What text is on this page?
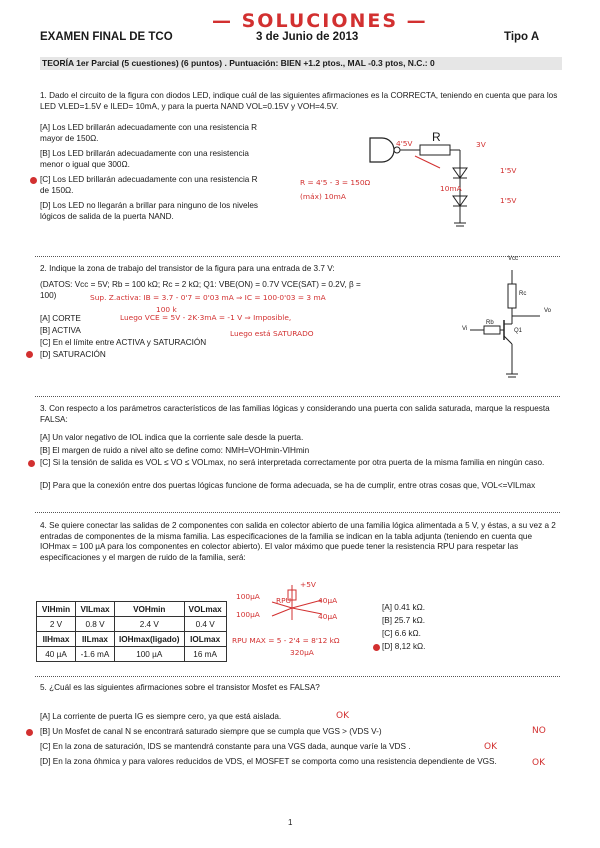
EXAMEN FINAL DE TCO
— SOLUCIONES —
3 de Junio de 2013	Tipo A
TEORÍA 1er Parcial (5 cuestiones) (6 puntos) . Puntuación: BIEN +1.2 ptos., MAL -0.3 ptos, N.C.: 0
1. Dado el circuito de la figura con diodos LED, indique cuál de las siguientes afirmaciones es la CORRECTA, teniendo en cuenta que para los LED VLED=1.5V e ILED= 10mA, y para la puerta NAND VOL=0.15V y VOH=4.5V.
[A] Los LED brillarán adecuadamente con una resistencia R mayor de 150Ω.
[B] Los LED brillarán adecuadamente con una resistencia menor o igual que 300Ω.
[C] Los LED brillarán adecuadamente con una resistencia R de 150Ω.
[D] Los LED no llegarán a brillar para ninguno de los niveles lógicos de salida de la puerta NAND.
4'5V R
3V
1'5V
1'5V
10mA
R = 4'5 - 3 = 150Ω
(máx) 10mA
2. Indique la zona de trabajo del transistor de la figura para una entrada de 3.7 V:
(DATOS: Vcc = 5V; Rb = 100 kΩ; Rc = 2 kΩ; Q1: VBE(ON) = 0.7V VCE(SAT) = 0.2V, β = 100)	Sup. Z.activa: IB = 3.7 - 0'7 = 0'03 mA ⇒ IC = 100·0'03 = 3 mA
100 k
Luego VCE = 5V - 2K·3mA = -1 V ⇒ Imposible,
Luego está SATURADO
[A] CORTE
[B] ACTIVA
[C] En el límite entre ACTIVA y SATURACIÓN
[D] SATURACIÓN
Vcc
Rc
Rb
Q1
Vi
Vo
3. Con respecto a los parámetros característicos de las familias lógicas y considerando una puerta con salida saturada, marque la respuesta FALSA:
[A] Un valor negativo de IOL indica que la corriente sale desde la puerta.
[B] El margen de ruido a nivel alto se define como: NMH=VOHmin-VIHmin
[C] Si la tensión de salida es VOL ≤ VO ≤ VOLmax, no será interpretada correctamente por otra puerta de la misma familia en ningún caso.
[D] Para que la conexión entre dos puertas lógicas funcione de forma adecuada, se ha de cumplir, entre otras cosas que, VOL<=VILmax
4. Se quiere conectar las salidas de 2 componentes con salida en colector abierto de una familia lógica alimentada a 5 V, y éstas, a su vez a 2 entradas de componentes de la misma familia. Las especificaciones de la familia se indican en la tabla adjunta (teniendo en cuenta que IOHmax = 100 µA para los componentes en colector abierto). El valor máximo que puede tener la resistencia RPU para respetar las especificaciones y el margen de ruido de la familia, será:
VIHmin	VILmax	VOHmin	VOLmax
2 V	0.8 V	2.4 V	0.4 V
IIHmax	IILmax	IOHmax(ligado)	IOLmax
40 µA	-1.6 mA	100 µA	16 mA
+5V
RPU
100µA
100µA
40µA
40µA
RPU MAX = 5 - 2'4 = 8'12 kΩ
320µA
[A] 0.41 kΩ.
[B] 25.7 kΩ.
[C] 6.6 kΩ.
[D] 8,12 kΩ.
5. ¿Cuál es las siguientes afirmaciones sobre el transistor Mosfet es FALSA?
[A] La corriente de puerta IG es siempre cero, ya que está aislada.	OK
[B] Un Mosfet de canal N se encontrará saturado siempre que se cumpla que VGS > (VDS V-)	NO
[C] En la zona de saturación, IDS se mantendrá constante para una VGS dada, aunque varíe la VDS .	OK
[D] En la zona óhmica y para valores reducidos de VDS, el MOSFET se comporta como una resistencia dependiente de VGS.	OK
1
